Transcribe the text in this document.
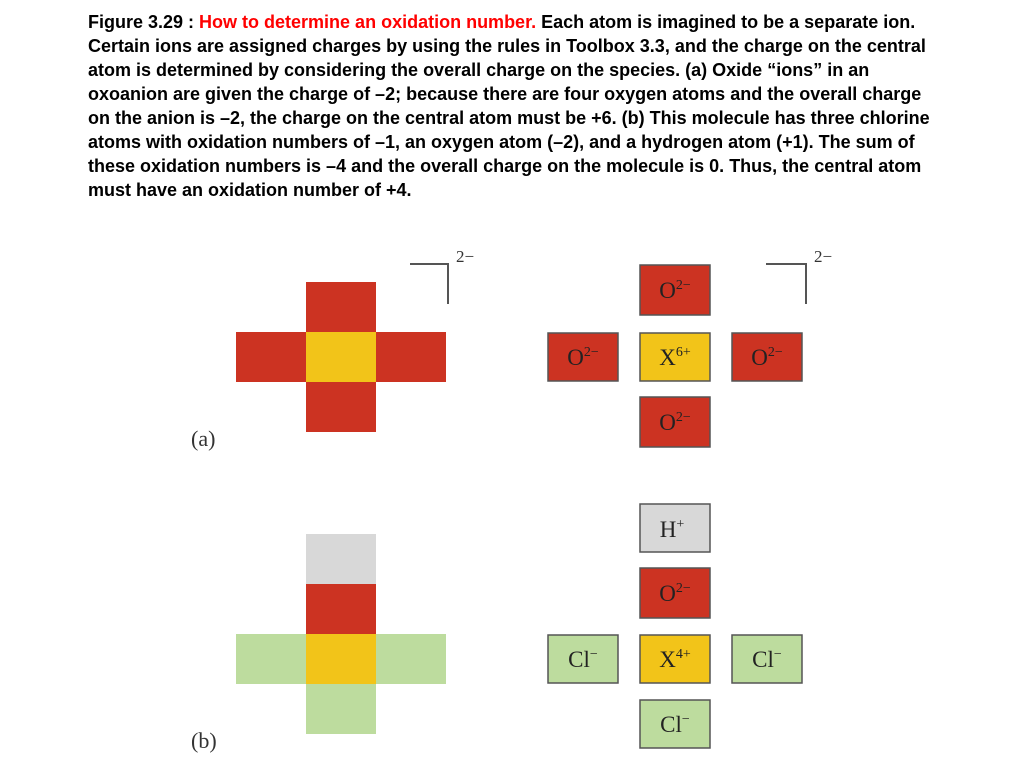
Figure 3.29 : How to determine an oxidation number. Each atom is imagined to be a separate ion. Certain ions are assigned charges by using the rules in Toolbox 3.3, and the charge on the central atom is determined by considering the overall charge on the species. (a) Oxide “ions” in an oxoanion are given the charge of –2; because there are four oxygen atoms and the overall charge on the anion is –2, the charge on the central atom must be +6. (b) This molecule has three chlorine atoms with oxidation numbers of –1, an oxygen atom (–2), and a hydrogen atom (+1). The sum of these oxidation numbers is –4 and the overall charge on the molecule is 0. Thus, the central atom must have an oxidation number of +4.
2−
(a)
$O^{2-}$
$O^{2-}$	$X^{6+}$	$O^{2-}$
$O^{2-}$
2−
(b)
H+
$O^{2-}$
Cl−	$X^{4+}$	Cl−
Cl−
